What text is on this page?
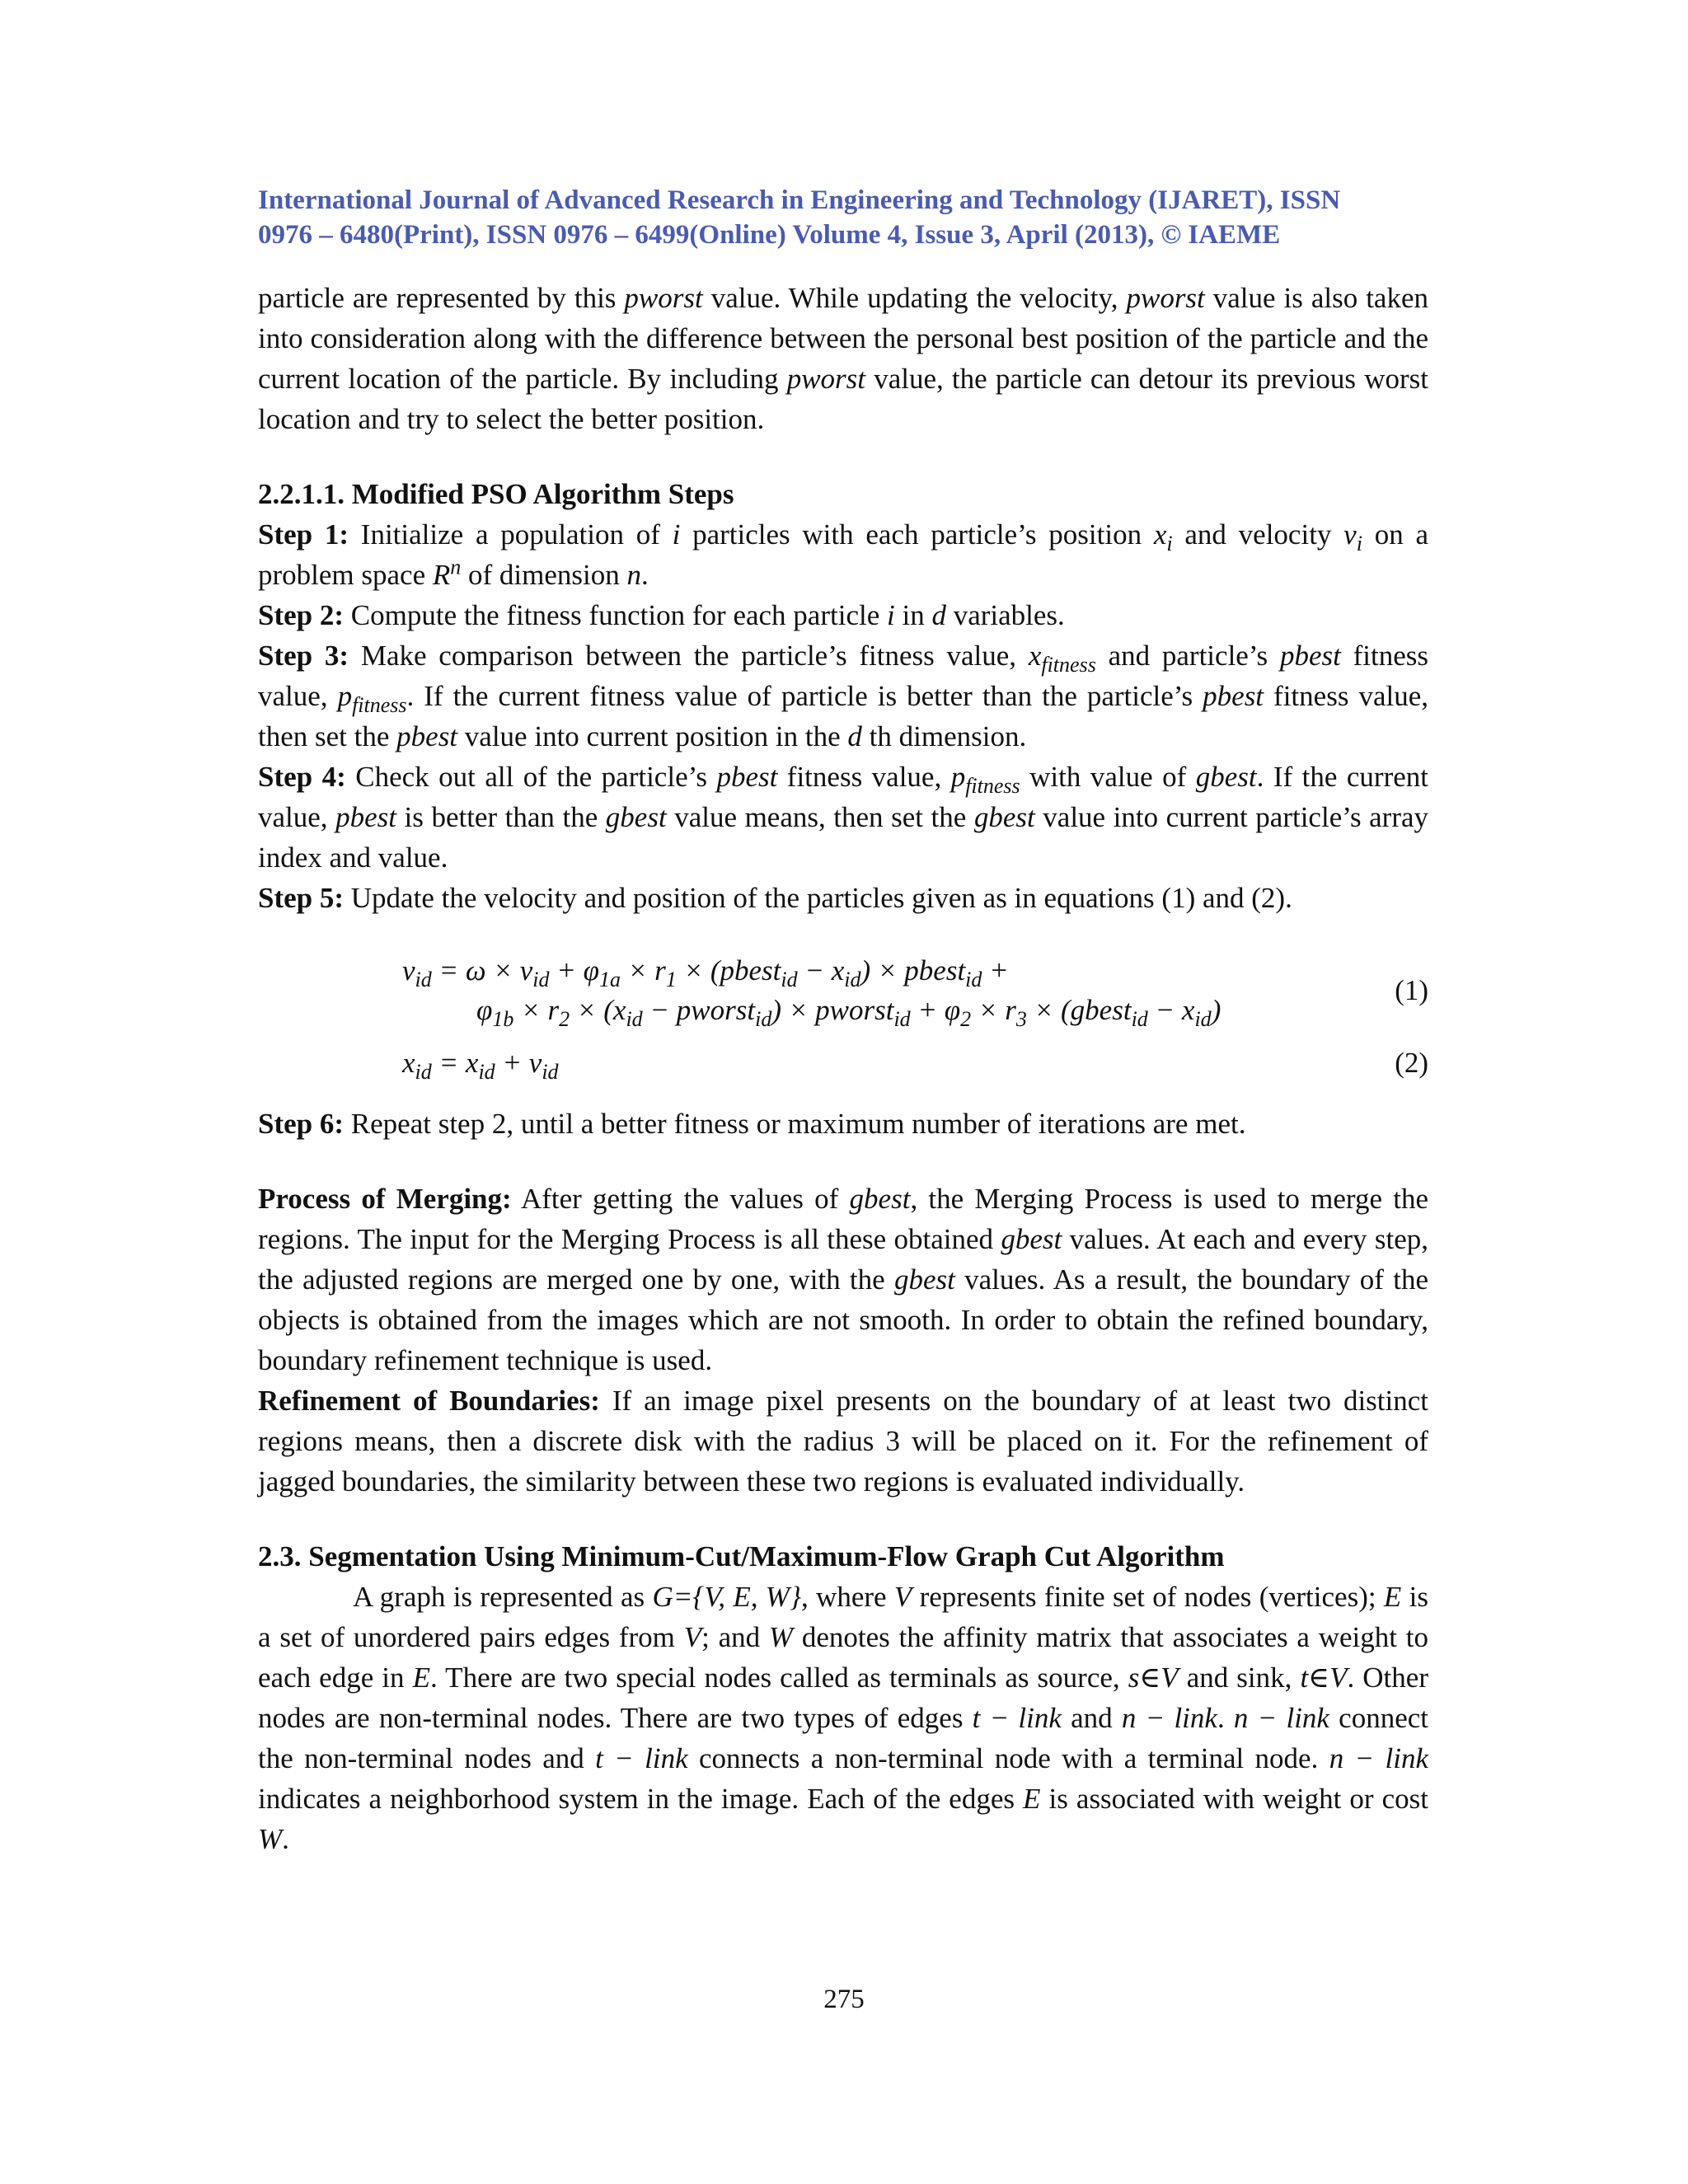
International Journal of Advanced Research in Engineering and Technology (IJARET), ISSN
0976 – 6480(Print), ISSN 0976 – 6499(Online) Volume 4, Issue 3, April (2013), © IAEME

particle are represented by this pworst value. While updating the velocity, pworst value is also taken into consideration along with the difference between the personal best position of the particle and the current location of the particle. By including pworst value, the particle can detour its previous worst location and try to select the better position.

2.2.1.1. Modified PSO Algorithm Steps

Step 1: Initialize a population of i particles with each particle’s position $x_i$ and velocity $v_i$ on a problem space $R^n$ of dimension n.

Step 2: Compute the fitness function for each particle i in d variables.

Step 3: Make comparison between the particle’s fitness value, $x_{fitness}$ and particle’s pbest fitness value, $p_{fitness}$. If the current fitness value of particle is better than the particle’s pbest fitness value, then set the pbest value into current position in the d th dimension.

Step 4: Check out all of the particle’s pbest fitness value, $p_{fitness}$ with value of gbest. If the current value, pbest is better than the gbest value means, then set the gbest value into current particle’s array index and value.

Step 5: Update the velocity and position of the particles given as in equations (1) and (2).

$v_{id} = \omega \times v_{id} + \varphi_{1a} \times r_1$ × (pbest$_{id}$ − $x_{id}$) × pbest$_{id}$ +
$\varphi_{1b} \times r_2 \times (x_{id}$ − pworst$_{id}$) × pworst$_{id}$ + $\varphi_2 \times r_3$ × (gbest$_{id}$ − $x_{id}$)
$x_{id} = x_{id} + v_{id}$
(1)
(2)

Step 6: Repeat step 2, until a better fitness or maximum number of iterations are met.

Process of Merging: After getting the values of gbest, the Merging Process is used to merge the regions. The input for the Merging Process is all these obtained gbest values. At each and every step, the adjusted regions are merged one by one, with the gbest values. As a result, the boundary of the objects is obtained from the images which are not smooth. In order to obtain the refined boundary, boundary refinement technique is used.

Refinement of Boundaries: If an image pixel presents on the boundary of at least two distinct regions means, then a discrete disk with the radius 3 will be placed on it. For the refinement of jagged boundaries, the similarity between these two regions is evaluated individually.

2.3. Segmentation Using Minimum-Cut/Maximum-Flow Graph Cut Algorithm

A graph is represented as G={V, E, W}, where V represents finite set of nodes (vertices); E is a set of unordered pairs edges from V; and W denotes the affinity matrix that associates a weight to each edge in E. There are two special nodes called as terminals as source, s∈V and sink, t∈V. Other nodes are non-terminal nodes. There are two types of edges t − link and n − link. n − link connect the non-terminal nodes and t − link connects a non-terminal node with a terminal node. n − link indicates a neighborhood system in the image. Each of the edges E is associated with weight or cost W.

275
